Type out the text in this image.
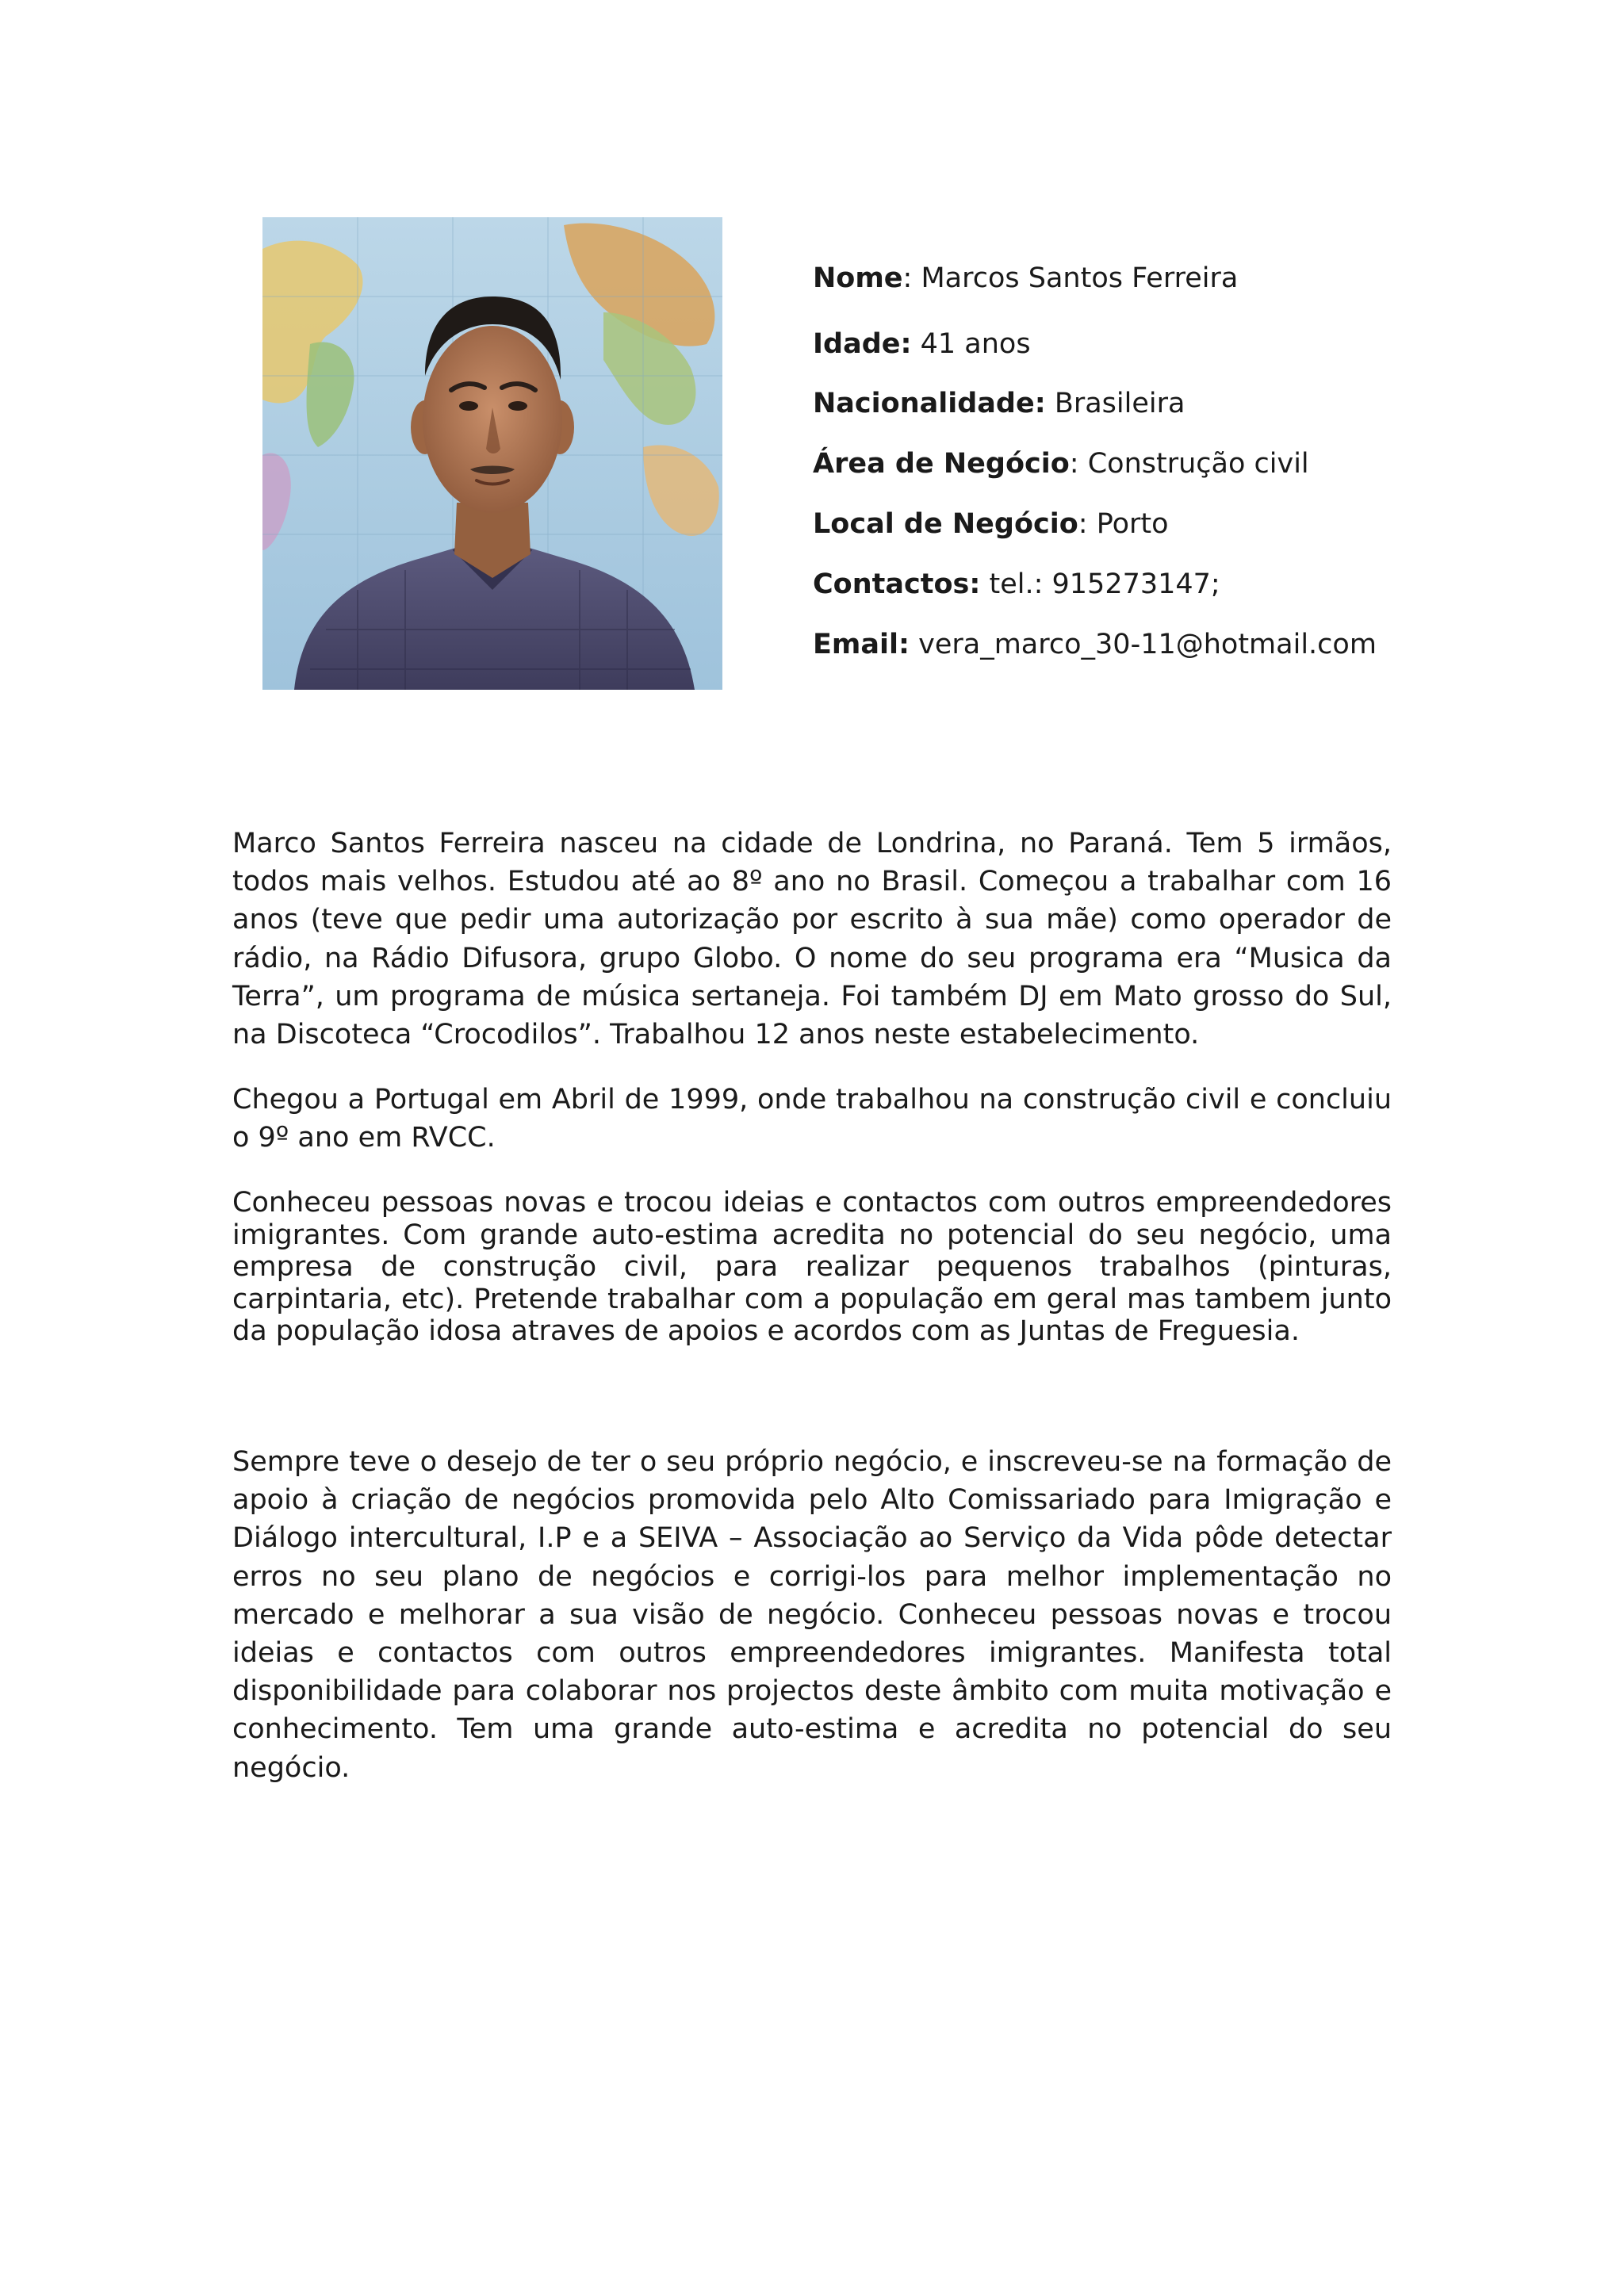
Nome: Marcos Santos Ferreira

Idade: 41 anos

Nacionalidade: Brasileira

Área de Negócio: Construção civil

Local de Negócio: Porto

Contactos: tel.: 915273147;

Email: vera_marco_30-11@hotmail.com

Marco Santos Ferreira nasceu na cidade de Londrina, no Paraná. Tem 5 irmãos, todos mais velhos. Estudou até ao 8º ano no Brasil. Começou a trabalhar com 16 anos (teve que pedir uma autorização por escrito à sua mãe) como operador de rádio, na Rádio Difusora, grupo Globo. O nome do seu programa era “Musica da Terra”, um programa de música sertaneja. Foi também DJ em Mato grosso do Sul, na Discoteca “Crocodilos”. Trabalhou 12 anos neste estabelecimento.

Chegou a Portugal em Abril de 1999, onde trabalhou na construção civil e concluiu o 9º ano em RVCC.

Conheceu pessoas novas e trocou ideias e contactos com outros empreendedores imigrantes. Com grande auto-estima acredita no potencial do seu negócio, uma empresa de construção civil, para realizar pequenos trabalhos (pinturas, carpintaria, etc). Pretende trabalhar com a população em geral mas tambem junto da população idosa atraves de apoios e acordos com as Juntas de Freguesia.

Sempre teve o desejo de ter o seu próprio negócio, e inscreveu-se na formação de apoio à criação de negócios promovida pelo Alto Comissariado para Imigração e Diálogo intercultural, I.P e a SEIVA – Associação ao Serviço da Vida pôde detectar erros no seu plano de negócios e corrigi-los para melhor implementação no mercado e melhorar a sua visão de negócio. Conheceu pessoas novas e trocou ideias e contactos com outros empreendedores imigrantes. Manifesta total disponibilidade para colaborar nos projectos deste âmbito com muita motivação e conhecimento. Tem uma grande auto-estima e acredita no potencial do seu negócio.
